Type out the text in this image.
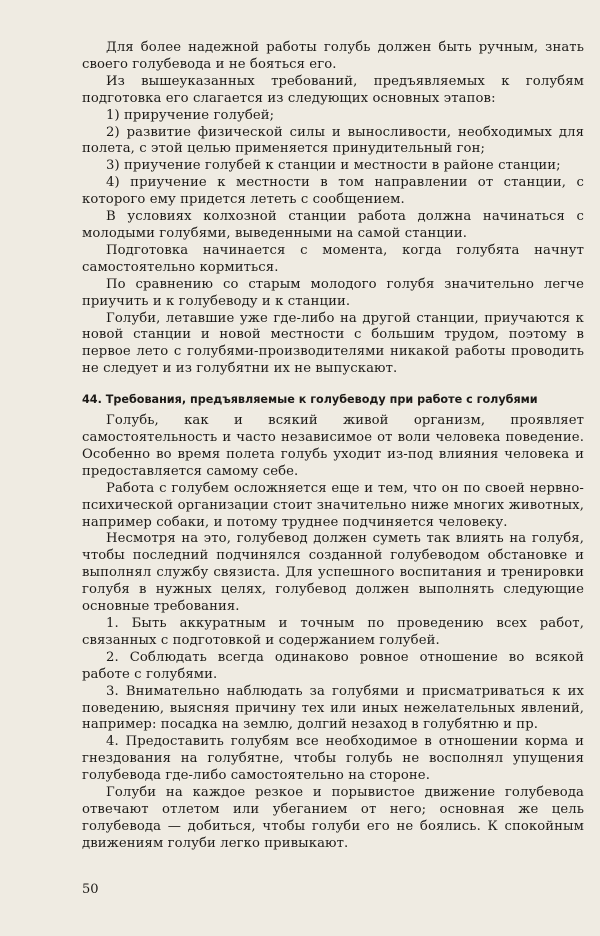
Для более надежной работы голубь должен быть ручным, знать своего голубевода и не бояться его.

Из вышеуказанных требований, предъявляемых к голубям подготовка его слагается из следующих основных этапов:

1) приручение голубей;

2) развитие физической силы и выносливости, необходимых для полета, с этой целью применяется принудительный гон;

3) приучение голубей к станции и местности в районе станции;

4) приучение к местности в том направлении от станции, с которого ему придется лететь с сообщением.

В условиях колхозной станции работа должна начинаться с молодыми голубями, выведенными на самой станции.

Подготовка начинается с момента, когда голубята начнут самостоятельно кормиться.

По сравнению со старым молодого голубя значительно легче приучить и к голубеводу и к станции.

Голуби, летавшие уже где-либо на другой станции, приучаются к новой станции и новой местности с большим трудом, поэтому в первое лето с голубями-производителями никакой работы проводить не следует и из голубятни их не выпускают.

44. Требования, предъявляемые к голубеводу при работе с голубями

Голубь, как и всякий живой организм, проявляет самостоятельность и часто независимое от воли человека поведение. Особенно во время полета голубь уходит из-под влияния человека и предоставляется самому себе.

Работа с голубем осложняется еще и тем, что он по своей нервно-психической организации стоит значительно ниже многих животных, например собаки, и потому труднее подчиняется человеку.

Несмотря на это, голубевод должен суметь так влиять на голубя, чтобы последний подчинялся созданной голубеводом обстановке и выполнял службу связиста. Для успешного воспитания и тренировки голубя в нужных целях, голубевод должен выполнять следующие основные требования.

1. Быть аккуратным и точным по проведению всех работ, связанных с подготовкой и содержанием голубей.

2. Соблюдать всегда одинаково ровное отношение во всякой работе с голубями.

3. Внимательно наблюдать за голубями и присматриваться к их поведению, выясняя причину тех или иных нежелательных явлений, например: посадка на землю, долгий незаход в голубятню и пр.

4. Предоставить голубям все необходимое в отношении корма и гнездования на голубятне, чтобы голубь не восполнял упущения голубевода где-либо самостоятельно на стороне.

Голуби на каждое резкое и порывистое движение голубевода отвечают отлетом или убеганием от него; основная же цель голубевода — добиться, чтобы голуби его не боялись. К спокойным движениям голуби легко привыкают.

50
